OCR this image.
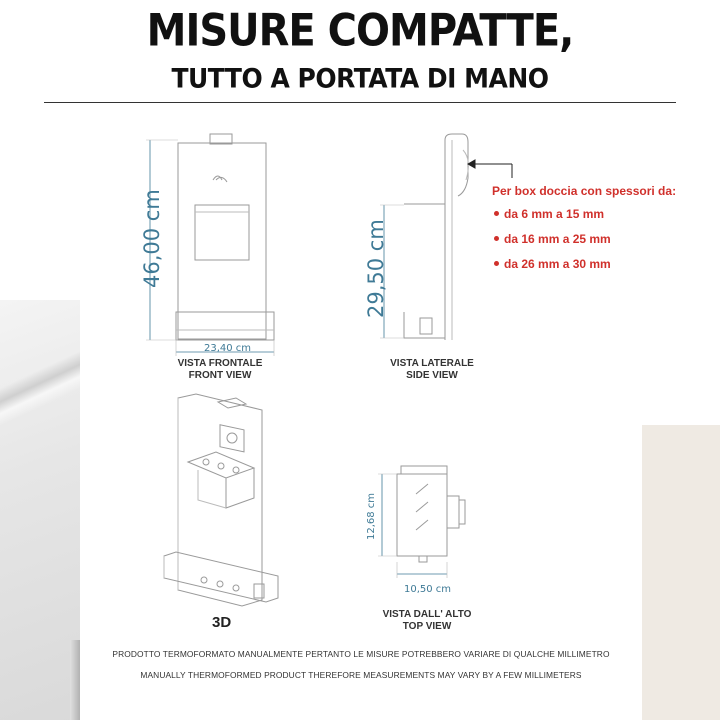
MISURE COMPATTE,
TUTTO A PORTATA DI MANO
46,00 cm
23,40 cm
29,50 cm
12,68 cm
10,50 cm
VISTA FRONTALE
FRONT VIEW
VISTA LATERALE
SIDE VIEW
VISTA DALL' ALTO
TOP VIEW
3D

Per box doccia con spessori da:

da 6 mm a 15 mm
da 16 mm a 25 mm
da 26 mm a 30 mm
PRODOTTO TERMOFORMATO MANUALMENTE PERTANTO LE MISURE POTREBBERO VARIARE DI QUALCHE MILLIMETRO
MANUALLY THERMOFORMED PRODUCT THEREFORE MEASUREMENTS MAY VARY BY A FEW MILLIMETERS
